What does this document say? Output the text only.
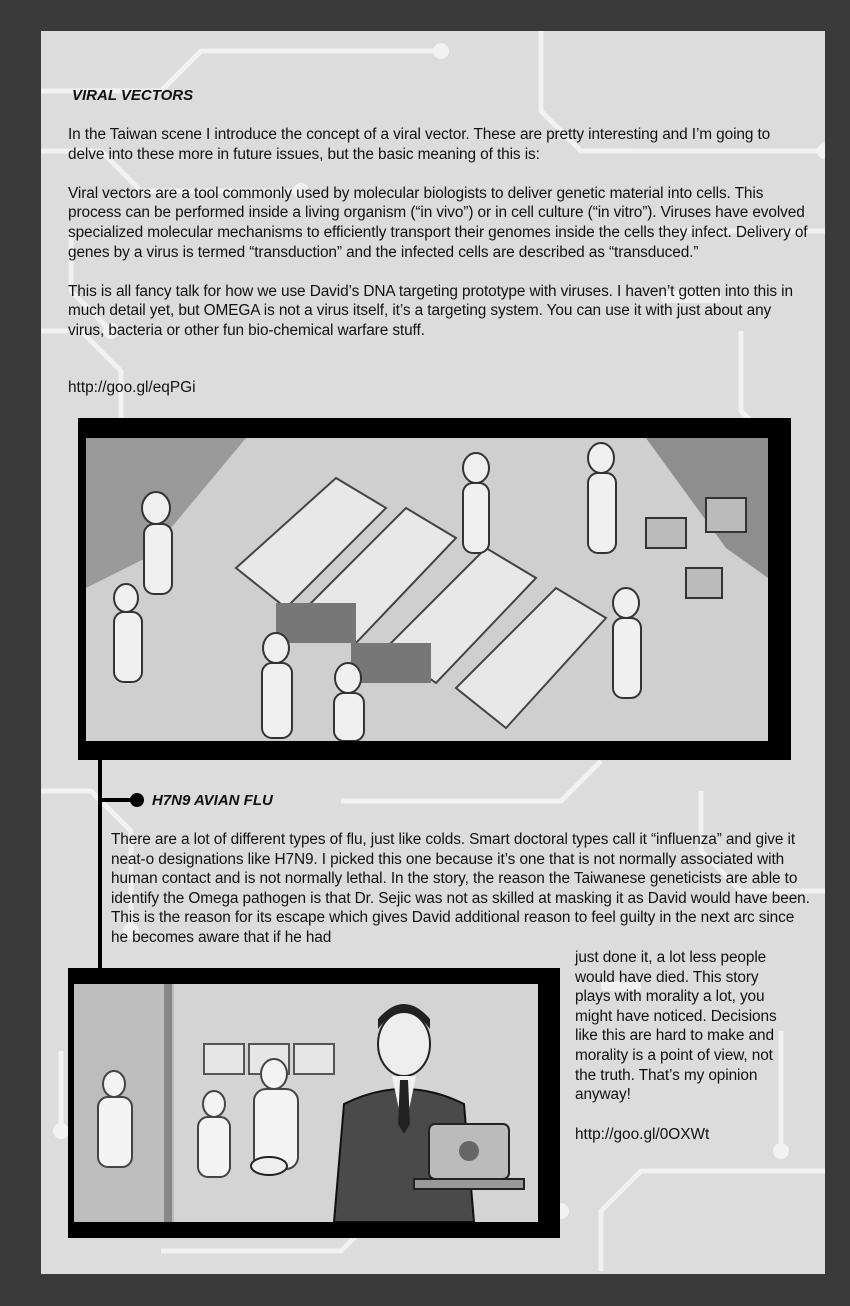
VIRAL VECTORS

In the Taiwan scene I introduce the concept of a viral vector. These are pretty interesting and I’m going to delve into these more in future issues, but the basic meaning of this is:

Viral vectors are a tool commonly used by molecular biologists to deliver genetic material into cells. This process can be performed inside a living organism (“in vivo”) or in cell culture (“in vitro”). Viruses have evolved specialized molecular mechanisms to efficiently transport their genomes inside the cells they infect. Delivery of genes by a virus is termed “transduction” and the infected cells are described as “transduced.”

This is all fancy talk for how we use David’s DNA targeting prototype with viruses. I haven’t gotten into this in much detail yet, but OMEGA is not a virus itself, it’s a targeting system. You can use it with just about any virus, bacteria or other fun bio-chemical warfare stuff.

http://goo.gl/eqPGi
H7N9 AVIAN FLU
There are a lot of different types of flu, just like colds. Smart doctoral types call it “influenza” and give it neat-o designations like H7N9. I picked this one because it’s one that is not normally associated with human contact and is not normally lethal. In the story, the reason the Taiwanese geneticists are able to identify the Omega pathogen is that Dr. Sejic was not as skilled at masking it as David would have been. This is the reason for its escape which gives David additional reason to feel guilty in the next arc since he becomes aware that if he had
just done it, a lot less people would have died. This story plays with morality a lot, you might have noticed. Decisions like this are hard to make and morality is a point of view, not the truth. That’s my opinion anyway!
http://goo.gl/0OXWt
